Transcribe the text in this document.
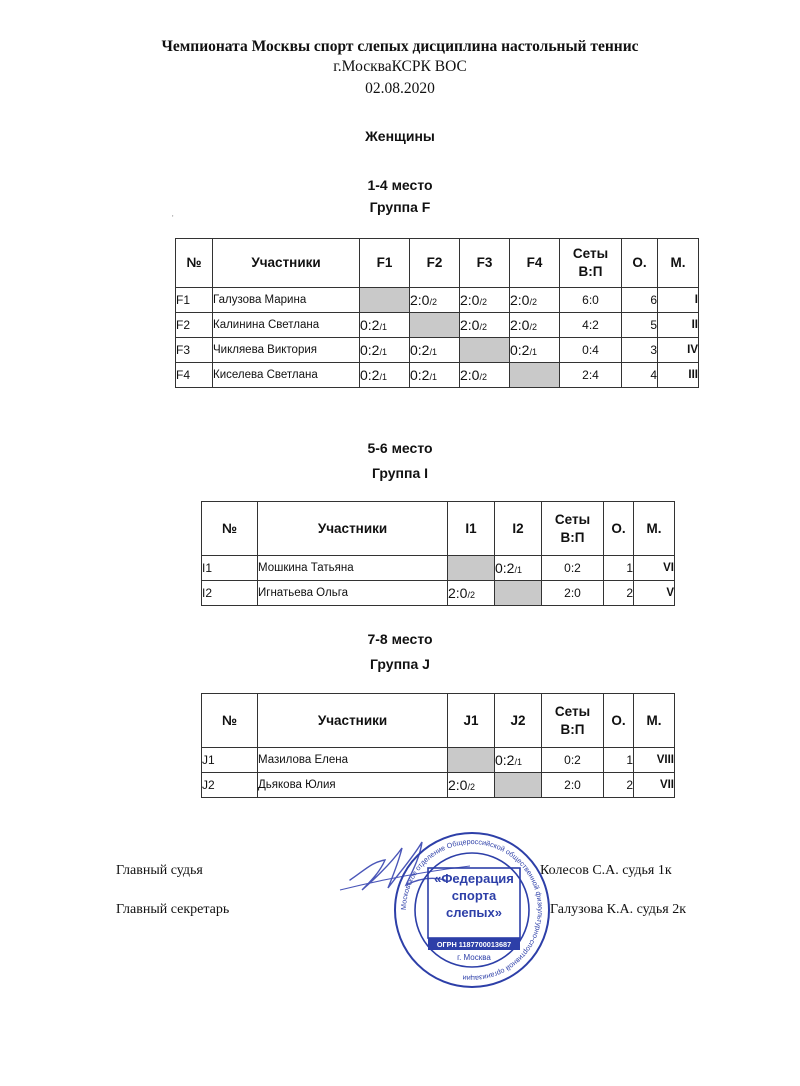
Чемпионата Москвы спорт слепых дисциплина настольный теннис
г.МоскваКСРК ВОС
02.08.2020
Женщины
'
1-4 место
Группа F
№	Участники	F1	F2	F3	F4	Сеты В:П	О.	М.
F1	Галузова Марина		2:0/2	2:0/2	2:0/2	6:0	6	I
F2	Калинина Светлана	0:2/1		2:0/2	2:0/2	4:2	5	II
F3	Чикляева Виктория	0:2/1	0:2/1		0:2/1	0:4	3	IV
F4	Киселева Светлана	0:2/1	0:2/1	2:0/2		2:4	4	III
5-6 место
Группа I
№	Участники	I1	I2	Сеты В:П	О.	М.
I1	Мошкина Татьяна		0:2/1	0:2	1	VI
I2	Игнатьева Ольга	2:0/2		2:0	2	V
7-8 место
Группа J
№	Участники	J1	J2	Сеты В:П	О.	М.
J1	Мазилова Елена		0:2/1	0:2	1	VIII
J2	Дьякова Юлия	2:0/2		2:0	2	VII
Главный судья	Колесов С.А. судья 1к
Главный секретарь	Галузова К.А. судья 2к
Московское отделение Общероссийской общественной физкультурно-спортивной организации
«Федерация спорта слепых»
ОГРН 1187700013687
г. Москва
